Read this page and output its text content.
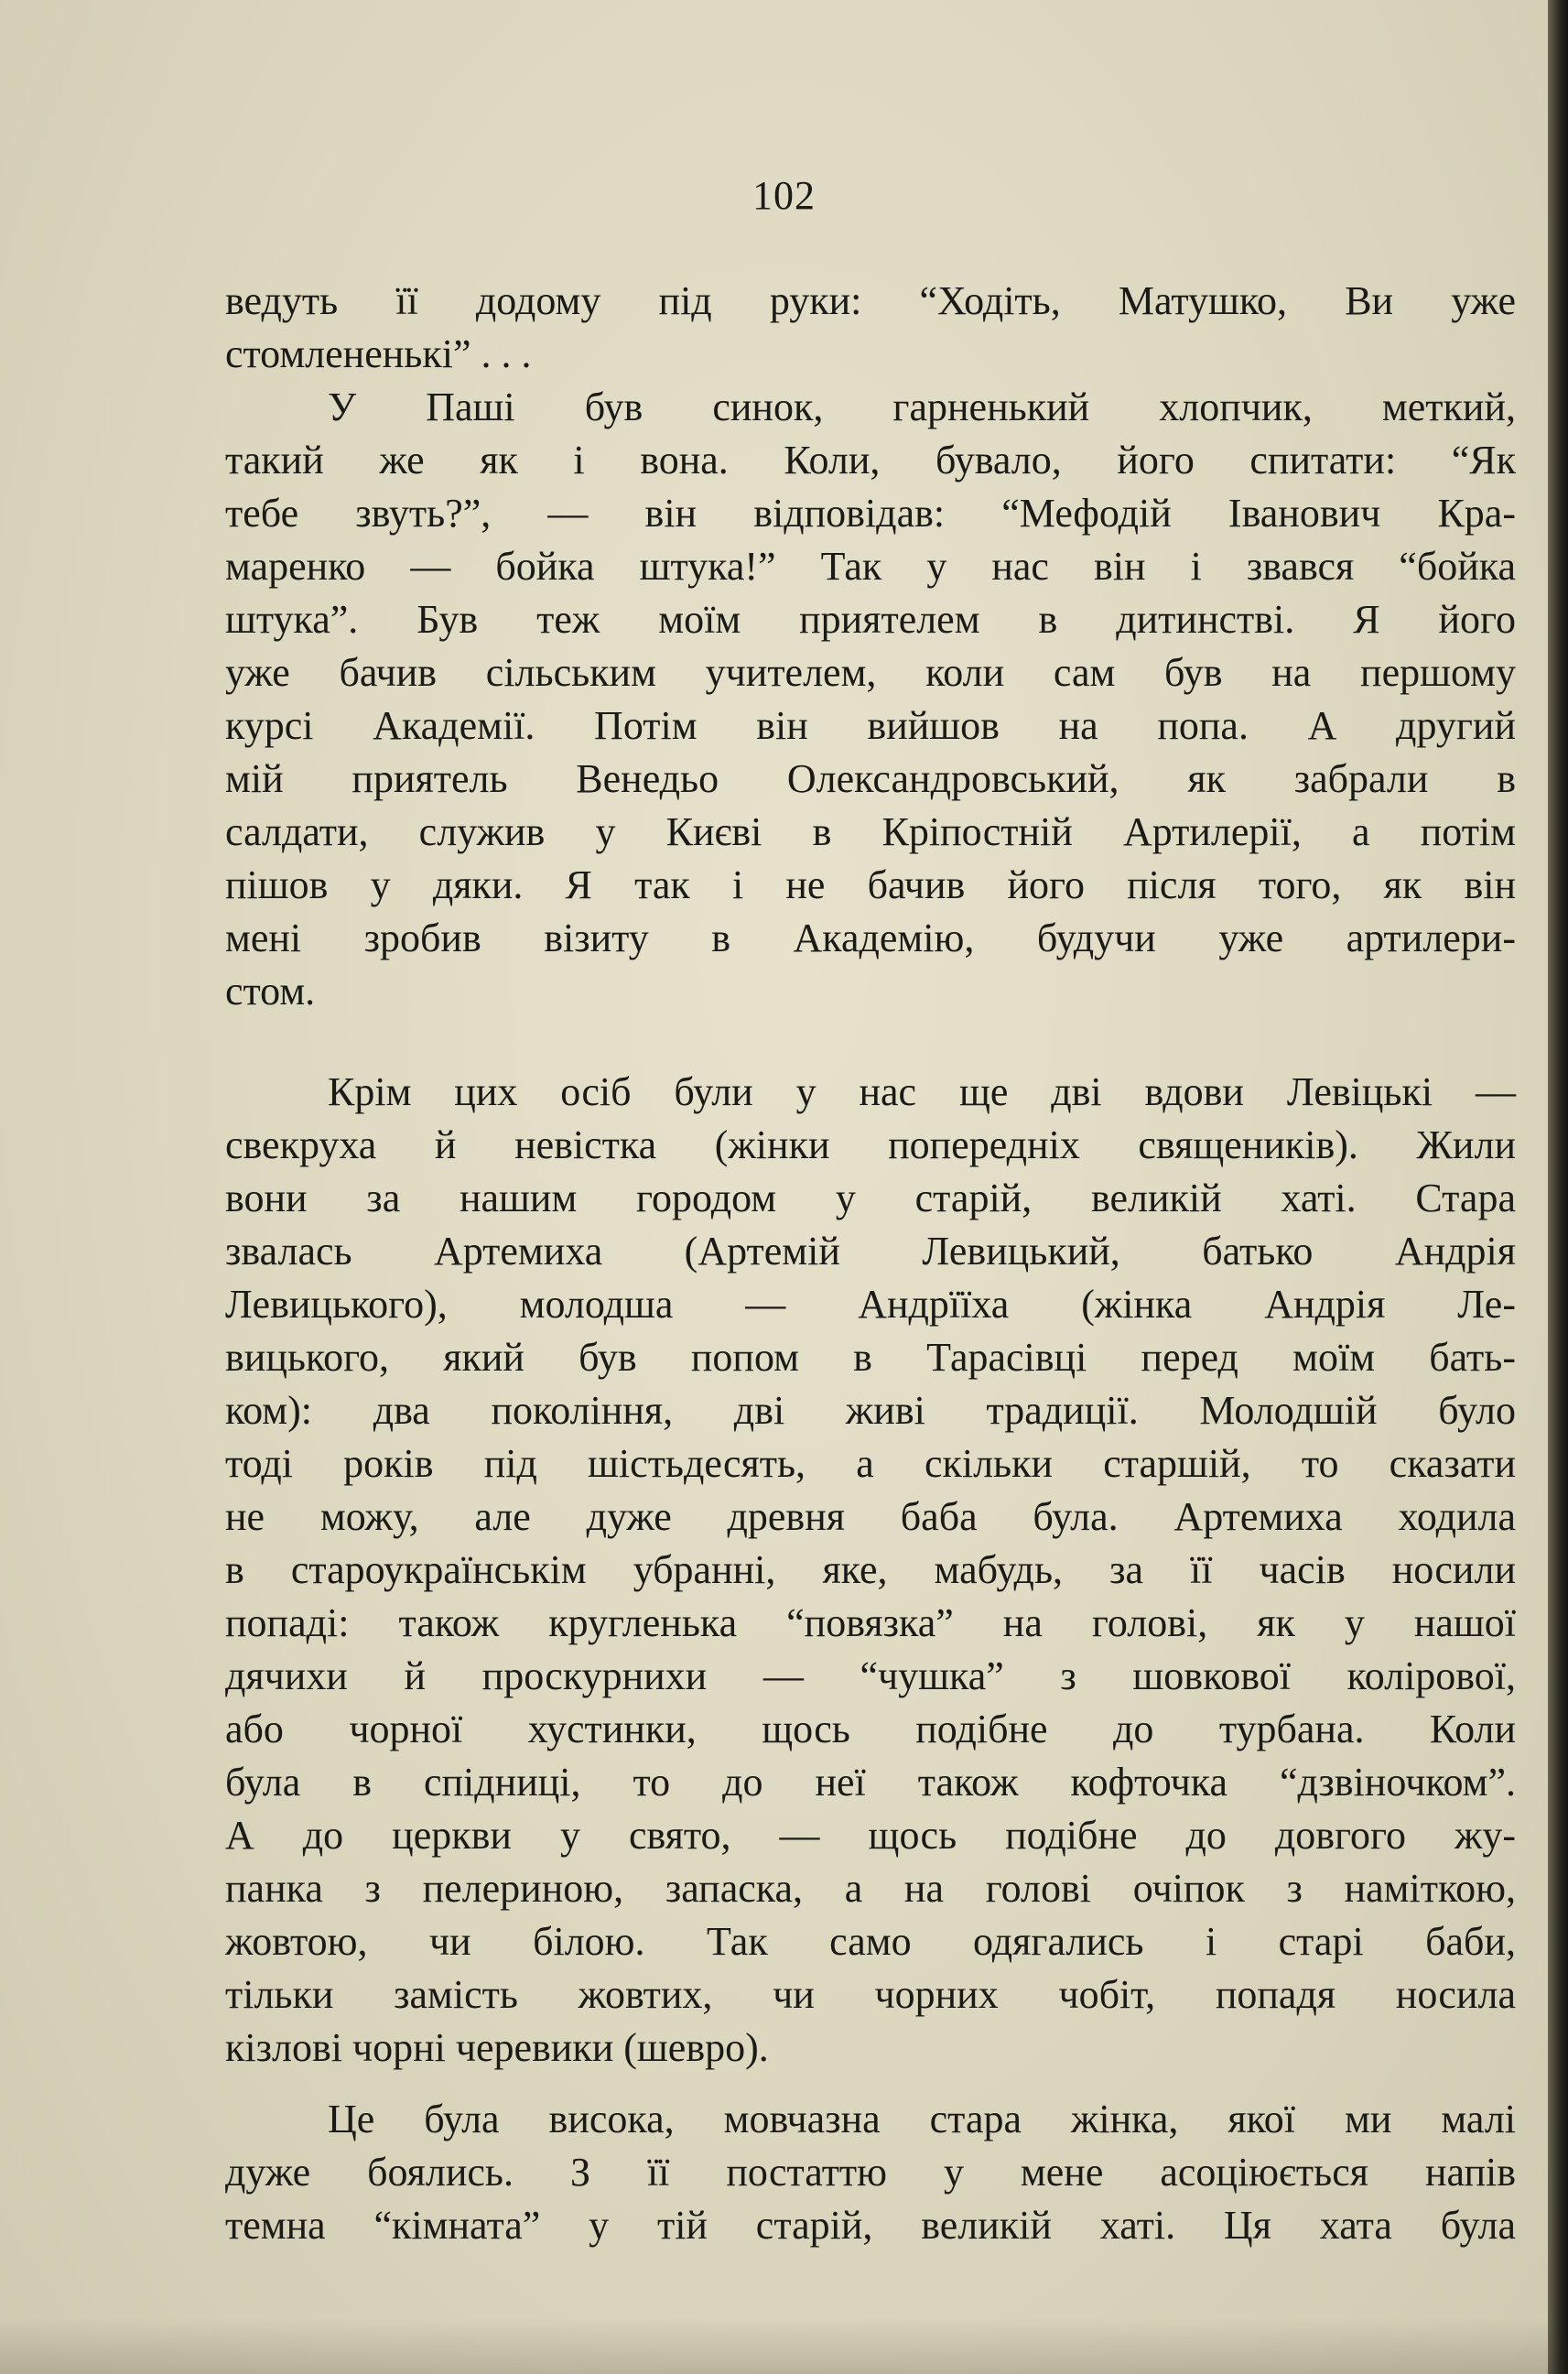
102
ведуть її додому під руки: “Ходіть, Матушко, Ви уже
стомлененькі” . . .
У Паші був синок, гарненький хлопчик, меткий,
такий же як і вона. Коли, бувало, його спитати: “Як
тебе звуть?”, — він відповідав: “Мефодій Іванович Кра-
маренко — бойка штука!” Так у нас він і звався “бойка
штука”. Був теж моїм приятелем в дитинстві. Я його
уже бачив сільським учителем, коли сам був на першому
курсі Академії. Потім він вийшов на попа. А другий
мій приятель Венедьо Олександровський, як забрали в
салдати, служив у Києві в Кріпостній Артилерії, а потім
пішов у дяки. Я так і не бачив його після того, як він
мені зробив візиту в Академію, будучи уже артилери-
стом.
Крім цих осіб були у нас ще дві вдови Левіцькі —
свекруха й невістка (жінки попередніх священиків). Жили
вони за нашим городом у старій, великій хаті. Стара
звалась Артемиха (Артемій Левицький, батько Андрія
Левицького), молодша — Андрїїха (жінка Андрія Ле-
вицького, який був попом в Тарасівці перед моїм бать-
ком): два покоління, дві живі традиції. Молодшій було
тоді років під шістьдесять, а скільки старшій, то сказати
не можу, але дуже древня баба була. Артемиха ходила
в староукраїнськім убранні, яке, мабудь, за її часів носили
попаді: також кругленька “повязка” на голові, як у нашої
дячихи й проскурнихи — “чушка” з шовкової колірової,
або чорної хустинки, щось подібне до турбана. Коли
була в спідниці, то до неї також кофточка “дзвіночком”.
А до церкви у свято, — щось подібне до довгого жу-
панка з пелериною, запаска, а на голові очіпок з наміткою,
жовтою, чи білою. Так само одягались і старі баби,
тільки замість жовтих, чи чорних чобіт, попадя носила
кізлові чорні черевики (шевро).
Це була висока, мовчазна стара жінка, якої ми малі
дуже боялись. З її постаттю у мене асоціюється напів
темна “кімната” у тій старій, великій хаті. Ця хата була
